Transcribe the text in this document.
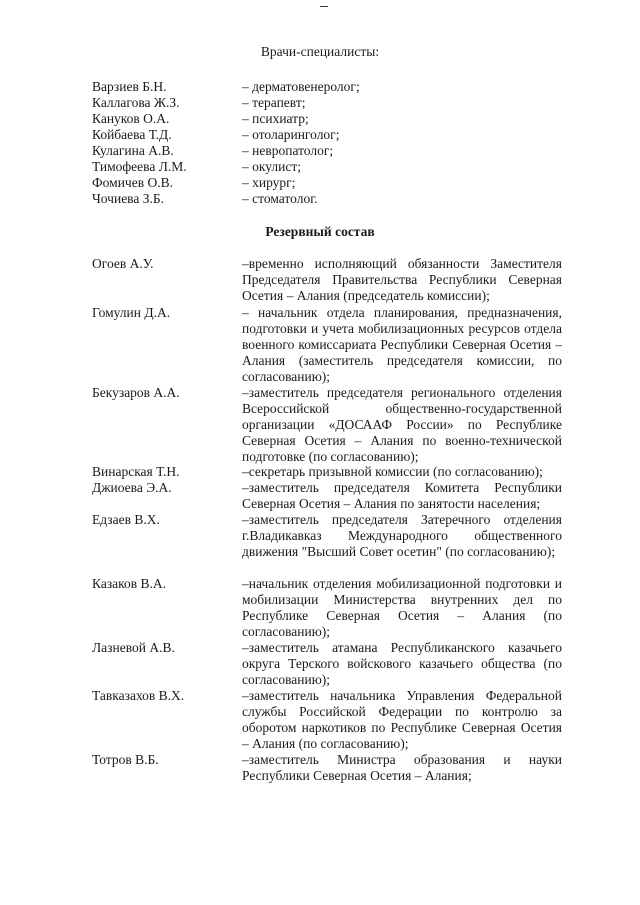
Врачи-специалисты:
Варзиев Б.Н.	– дерматовенеролог;
Каллагова Ж.З.	– терапевт;
Кануков О.А.	– психиатр;
Койбаева Т.Д.	– отоларинголог;
Кулагина А.В.	– невропатолог;
Тимофеева Л.М.	– окулист;
Фомичев О.В.	– хирург;
Чочиева З.Б.	– стоматолог.
Резервный состав
Огоев А.У.	–временно исполняющий обязанности Заместителя Председателя Правительства Республики Северная Осетия – Алания (председатель комиссии);
Гомулин Д.А.	– начальник отдела планирования, предназначения, подготовки и учета мобилизационных ресурсов отдела военного комиссариата Республики Северная Осетия – Алания (заместитель председателя комиссии, по согласованию);
Бекузаров А.А.	–заместитель председателя регионального отделения Всероссийской общественно-государственной организации «ДОСААФ России» по Республике Северная Осетия – Алания по военно-технической подготовке (по согласованию);
Винарская Т.Н.	–секретарь призывной комиссии (по согласованию);
Джиоева Э.А.	–заместитель председателя Комитета Республики Северная Осетия – Алания по занятости населения;
Едзаев В.Х.	–заместитель председателя Затеречного отделения г.Владикавказ Международного общественного движения "Высший Совет осетин" (по согласованию);
Казаков В.А.	–начальник отделения мобилизационной подготовки и мобилизации Министерства внутренних дел по Республике Северная Осетия – Алания (по согласованию);
Лазневой А.В.	–заместитель атамана Республиканского казачьего округа Терского войскового казачьего общества (по согласованию);
Тавказахов В.Х.	–заместитель начальника Управления Федеральной службы Российской Федерации по контролю за оборотом наркотиков по Республике Северная Осетия – Алания (по согласованию);
Тотров В.Б.	–заместитель Министра образования и науки Республики Северная Осетия – Алания;
